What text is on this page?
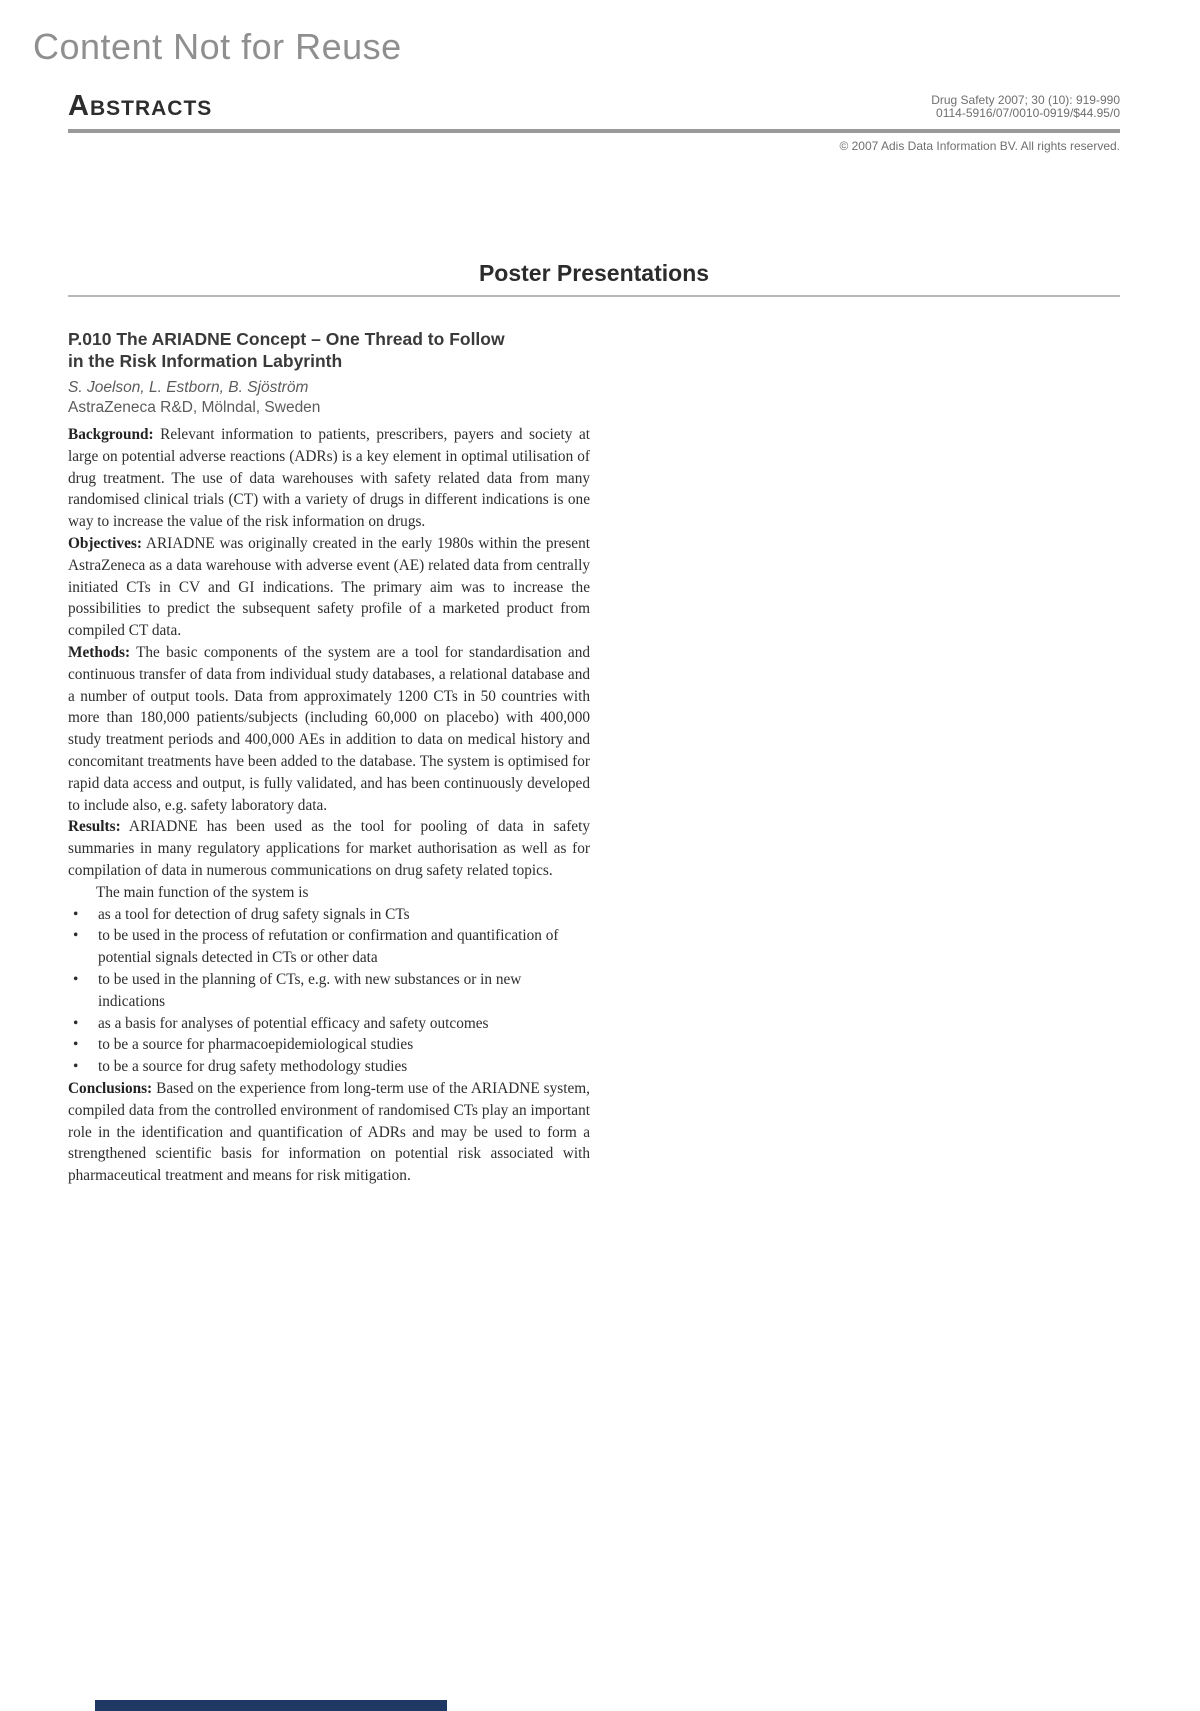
Content Not for Reuse
ABSTRACTS	Drug Safety 2007; 30 (10): 919-990
0114-5916/07/0010-0919/$44.95/0
© 2007 Adis Data Information BV. All rights reserved.
Poster Presentations
P.010 The ARIADNE Concept – One Thread to Follow
in the Risk Information Labyrinth
S. Joelson, L. Estborn, B. Sjöström
AstraZeneca R&D, Mölndal, Sweden

Background: Relevant information to patients, prescribers, payers and society at large on potential adverse reactions (ADRs) is a key element in optimal utilisation of drug treatment. The use of data warehouses with safety related data from many randomised clinical trials (CT) with a variety of drugs in different indications is one way to increase the value of the risk information on drugs.

Objectives: ARIADNE was originally created in the early 1980s within the present AstraZeneca as a data warehouse with adverse event (AE) related data from centrally initiated CTs in CV and GI indications. The primary aim was to increase the possibilities to predict the subsequent safety profile of a marketed product from compiled CT data.

Methods: The basic components of the system are a tool for standardisation and continuous transfer of data from individual study databases, a relational database and a number of output tools. Data from approximately 1200 CTs in 50 countries with more than 180,000 patients/subjects (including 60,000 on placebo) with 400,000 study treatment periods and 400,000 AEs in addition to data on medical history and concomitant treatments have been added to the database. The system is optimised for rapid data access and output, is fully validated, and has been continuously developed to include also, e.g. safety laboratory data.

Results: ARIADNE has been used as the tool for pooling of data in safety summaries in many regulatory applications for market authorisation as well as for compilation of data in numerous communications on drug safety related topics.

The main function of the system is

• as a tool for detection of drug safety signals in CTs
• to be used in the process of refutation or confirmation and quantification of potential signals detected in CTs or other data
• to be used in the planning of CTs, e.g. with new substances or in new indications
• as a basis for analyses of potential efficacy and safety outcomes
• to be a source for pharmacoepidemiological studies
• to be a source for drug safety methodology studies

Conclusions: Based on the experience from long-term use of the ARIADNE system, compiled data from the controlled environment of randomised CTs play an important role in the identification and quantification of ADRs and may be used to form a strengthened scientific basis for information on potential risk associated with pharmaceutical treatment and means for risk mitigation.
